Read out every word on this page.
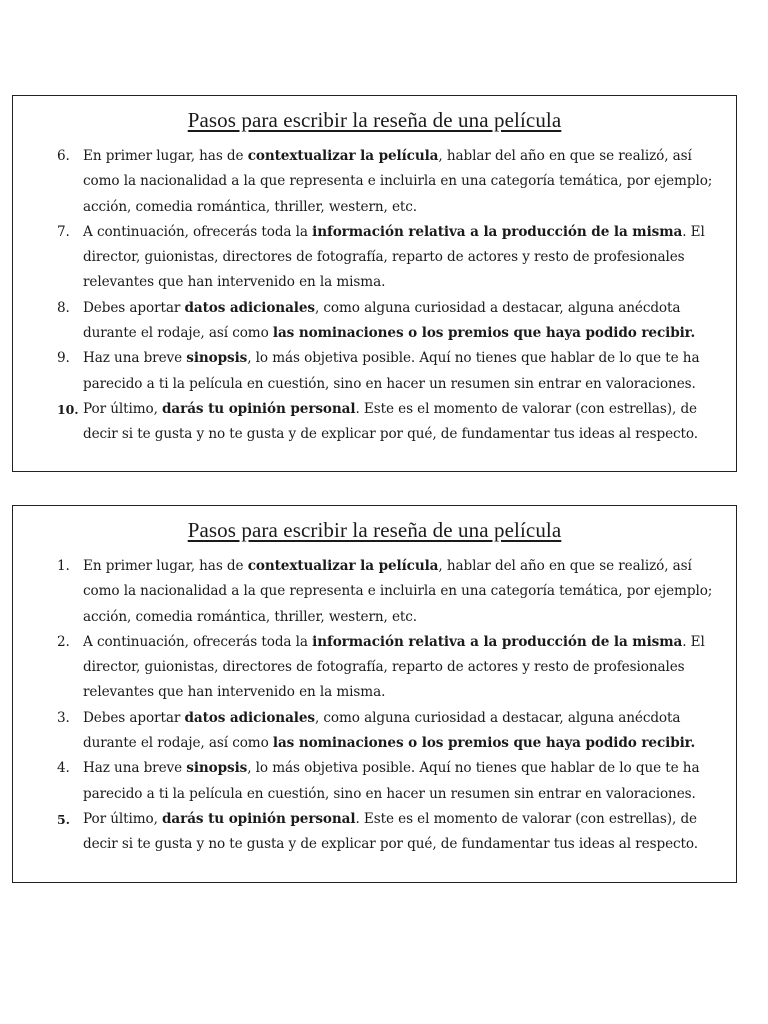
Pasos para escribir la reseña de una película
6. En primer lugar, has de contextualizar la película, hablar del año en que se realizó, así como la nacionalidad a la que representa e incluirla en una categoría temática, por ejemplo; acción, comedia romántica, thriller, western, etc.
7. A continuación, ofrecerás toda la información relativa a la producción de la misma. El director, guionistas, directores de fotografía, reparto de actores y resto de profesionales relevantes que han intervenido en la misma.
8. Debes aportar datos adicionales, como alguna curiosidad a destacar, alguna anécdota durante el rodaje, así como las nominaciones o los premios que haya podido recibir.
9. Haz una breve sinopsis, lo más objetiva posible. Aquí no tienes que hablar de lo que te ha parecido a ti la película en cuestión, sino en hacer un resumen sin entrar en valoraciones.
10. Por último, darás tu opinión personal. Este es el momento de valorar (con estrellas), de decir si te gusta y no te gusta y de explicar por qué, de fundamentar tus ideas al respecto.
Pasos para escribir la reseña de una película
1. En primer lugar, has de contextualizar la película, hablar del año en que se realizó, así como la nacionalidad a la que representa e incluirla en una categoría temática, por ejemplo; acción, comedia romántica, thriller, western, etc.
2. A continuación, ofrecerás toda la información relativa a la producción de la misma. El director, guionistas, directores de fotografía, reparto de actores y resto de profesionales relevantes que han intervenido en la misma.
3. Debes aportar datos adicionales, como alguna curiosidad a destacar, alguna anécdota durante el rodaje, así como las nominaciones o los premios que haya podido recibir.
4. Haz una breve sinopsis, lo más objetiva posible. Aquí no tienes que hablar de lo que te ha parecido a ti la película en cuestión, sino en hacer un resumen sin entrar en valoraciones.
5. Por último, darás tu opinión personal. Este es el momento de valorar (con estrellas), de decir si te gusta y no te gusta y de explicar por qué, de fundamentar tus ideas al respecto.
